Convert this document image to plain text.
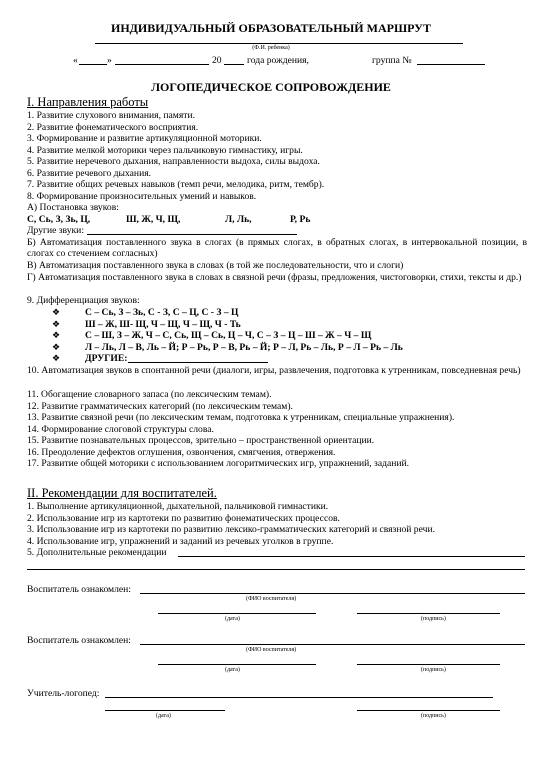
ИНДИВИДУАЛЬНЫЙ ОБРАЗОВАТЕЛЬНЫЙ МАРШРУТ
(Ф.И. ребенка)
«	»	20	года рождения,	группа №
ЛОГОПЕДИЧЕСКОЕ СОПРОВОЖДЕНИЕ
I. Направления работы
1. Развитие слухового внимания, памяти.
2. Развитие фонематического восприятия.
3. Формирование и развитие артикуляционной моторики.
4. Развитие мелкой моторики через пальчиковую гимнастику, игры.
5. Развитие неречевого дыхания, направленности выдоха, силы выдоха.
6. Развитие речевого дыхания.
7. Развитие общих речевых навыков (темп речи, мелодика, ритм, тембр).
8. Формирование произносительных умений и навыков.
А) Постановка звуков:
С, Сь, З, Зь, Ц,	Ш, Ж, Ч, Щ,	Л, Ль,	Р, Рь
Другие звуки:
Б) Автоматизация поставленного звука в слогах (в прямых слогах, в обратных слогах, в интервокальной позиции, в слогах со стечением согласных)
В) Автоматизация поставленного звука в словах (в той же последовательности, что и слоги)
Г) Автоматизация поставленного звука в словах в связной речи (фразы, предложения, чистоговорки, стихи, тексты и др.)
9. Дифференциация звуков:
❖	С – Сь, З – Зь, С - З, С – Ц, С - З – Ц
❖	Ш – Ж, Ш- Щ, Ч – Щ, Ч – Щ, Ч - Ть
❖	С – Ш, З – Ж, Ч – С, Сь, Щ – Сь, Ц – Ч, С – З – Ц – Ш – Ж – Ч – Щ
❖	Л – Ль, Л – В, Ль – Й; Р – Рь, Р – В, Рь – Й; Р – Л, Рь – Ль, Р – Л – Рь – Ль
❖	ДРУГИЕ:
10. Автоматизация звуков в спонтанной речи (диалоги, игры, развлечения, подготовка к утренникам, повседневная речь)
11. Обогащение словарного запаса (по лексическим темам).
12. Развитие грамматических категорий (по лексическим темам).
13. Развитие связной речи (по лексическим темам, подготовка к утренникам, специальные упражнения).
14. Формирование слоговой структуры слова.
15. Развитие познавательных процессов, зрительно – пространственной ориентации.
16. Преодоление дефектов оглушения, озвончения, смягчения, отвержения.
17. Развитие общей моторики с использованием логоритмических игр, упражнений, заданий.
II. Рекомендации для воспитателей.
1. Выполнение артикуляционной, дыхательной, пальчиковой гимнастики.
2. Использование игр из картотеки по развитию фонематических процессов.
3. Использование игр из картотеки по развитию лексико-грамматических категорий и связной речи.
4. Использование игр, упражнений и заданий из речевых уголков в группе.
5. Дополнительные рекомендации
Воспитатель ознакомлен:
(ФИО воспитателя)
(дата)	(подпись)
Воспитатель ознакомлен:
(ФИО воспитателя)
(дата)	(подпись)
Учитель-логопед:
(дата)	(подпись)
